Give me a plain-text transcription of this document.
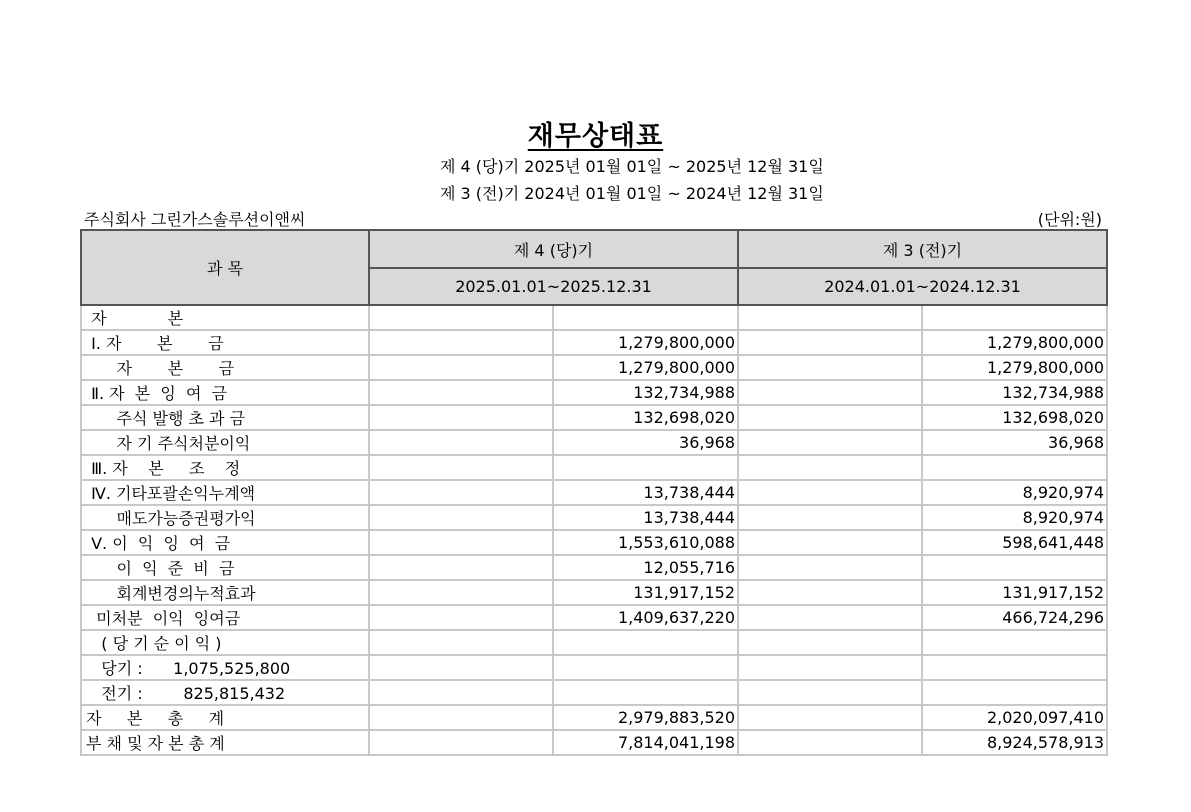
재무상태표
제 4 (당)기 2025년 01월 01일 ~ 2025년 12월 31일
제 3 (전)기 2024년 01월 01일 ~ 2024년 12월 31일
주식회사 그린가스솔루션이앤씨	(단위:원)
과 목	제 4 (당)기		제 3 (전)기	
	2025.01.01~2025.12.31		2024.01.01~2024.12.31	
자            본				
Ⅰ. 자       본       금		1,279,800,000		1,279,800,000
자       본       금		1,279,800,000		1,279,800,000
Ⅱ. 자  본  잉  여  금		132,734,988		132,734,988
주식 발행 초 과 금		132,698,020		132,698,020
자 기 주식처분이익		36,968		36,968
Ⅲ. 자    본     조    정				
Ⅳ. 기타포괄손익누계액		13,738,444		8,920,974
매도가능증권평가익		13,738,444		8,920,974
Ⅴ. 이  익  잉  여  금		1,553,610,088		598,641,448
이  익  준  비  금		12,055,716		
회계변경의누적효과		131,917,152		131,917,152
미처분  이익  잉여금		1,409,637,220		466,724,296
( 당 기 순 이 익 )				
당기 :      1,075,525,800				
전기 :        825,815,432				
자     본     총     계		2,979,883,520		2,020,097,410
부 채 및 자 본 총 계		7,814,041,198		8,924,578,913
